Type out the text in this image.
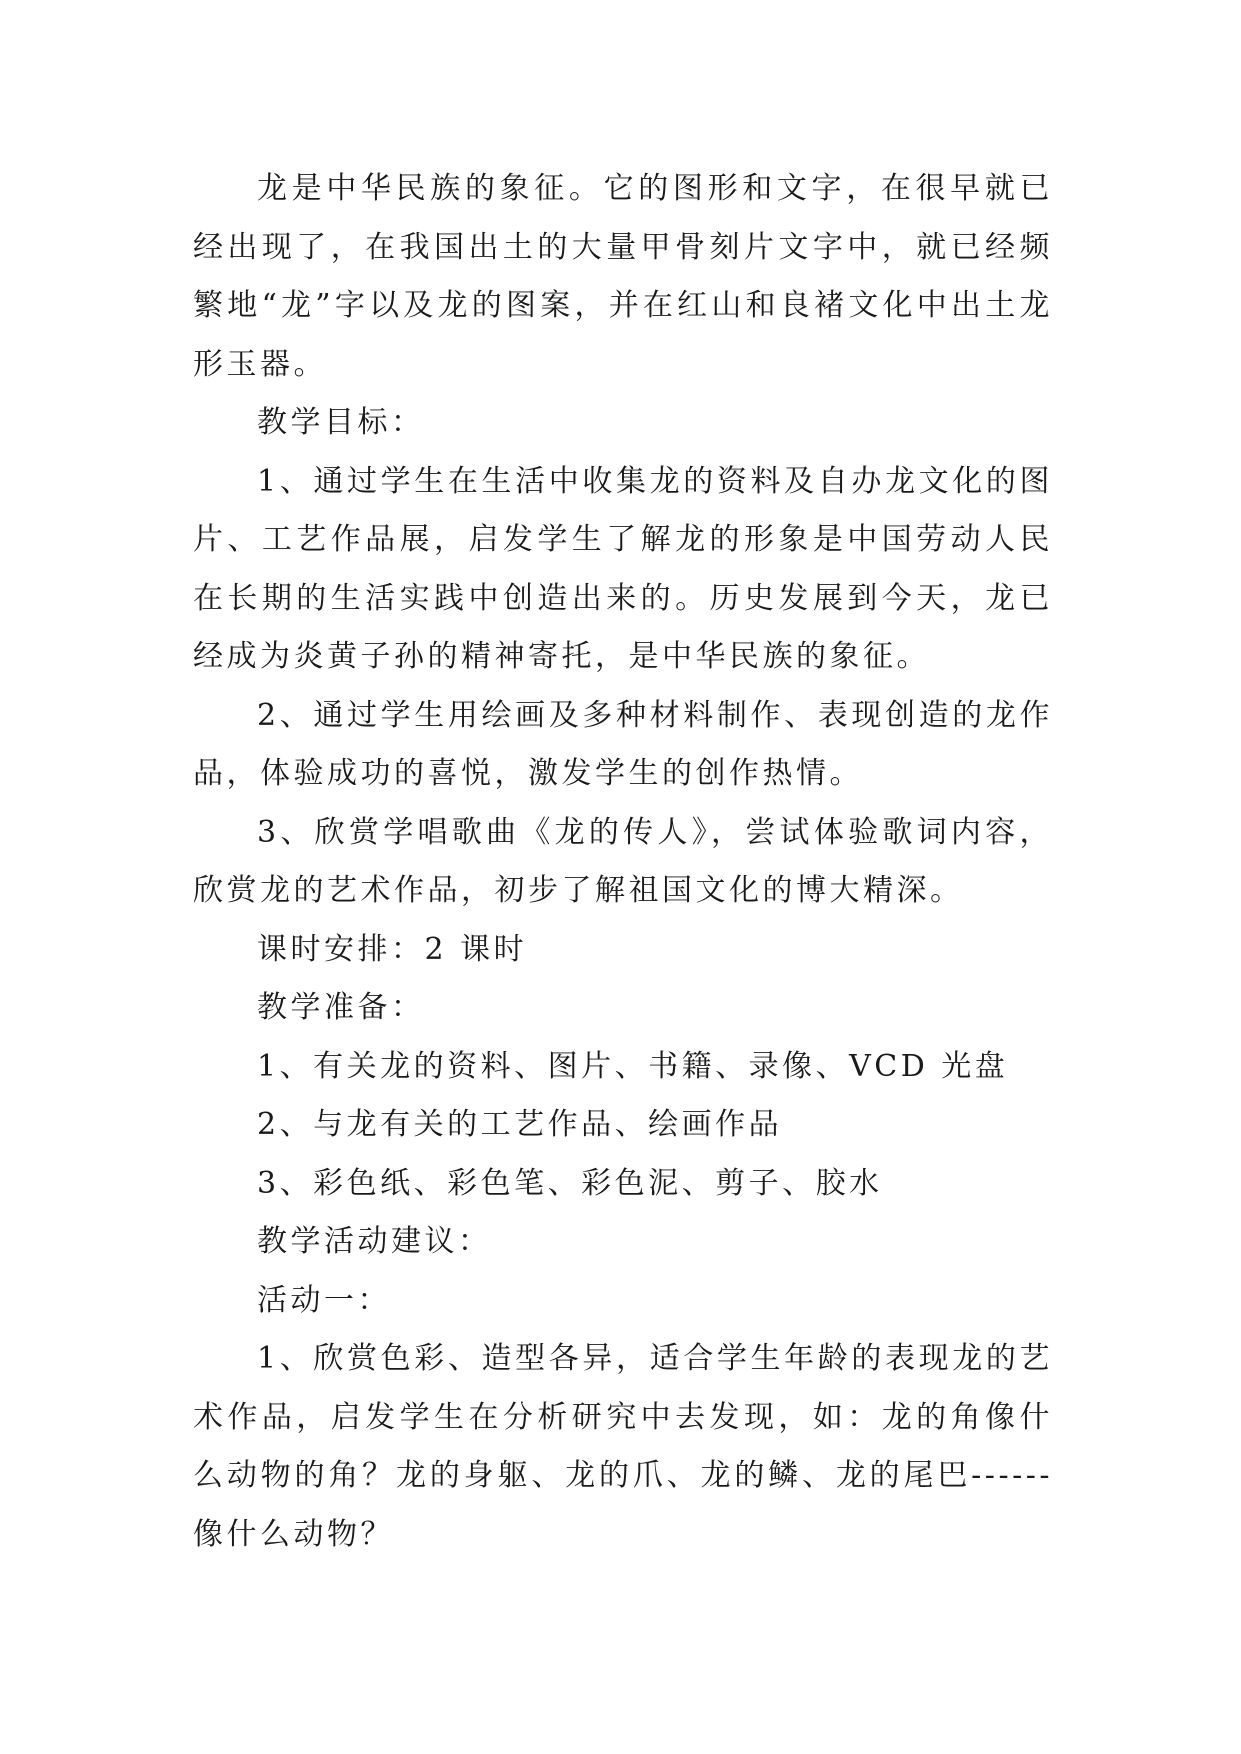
龙是中华民族的象征。它的图形和文字，在很早就已经出现了，在我国出土的大量甲骨刻片文字中，就已经频繁地“龙”字以及龙的图案，并在红山和良褚文化中出土龙形玉器。

教学目标：

1、通过学生在生活中收集龙的资料及自办龙文化的图片、工艺作品展，启发学生了解龙的形象是中国劳动人民在长期的生活实践中创造出来的。历史发展到今天，龙已经成为炎黄子孙的精神寄托，是中华民族的象征。

2、通过学生用绘画及多种材料制作、表现创造的龙作品，体验成功的喜悦，激发学生的创作热情。

3、欣赏学唱歌曲《龙的传人》，尝试体验歌词内容，欣赏龙的艺术作品，初步了解祖国文化的博大精深。

课时安排：2 课时

教学准备：

1、有关龙的资料、图片、书籍、录像、VCD 光盘

2、与龙有关的工艺作品、绘画作品

3、彩色纸、彩色笔、彩色泥、剪子、胶水

教学活动建议：

活动一：

1、欣赏色彩、造型各异，适合学生年龄的表现龙的艺术作品，启发学生在分析研究中去发现，如：龙的角像什么动物的角？龙的身躯、龙的爪、龙的鳞、龙的尾巴------像什么动物？
